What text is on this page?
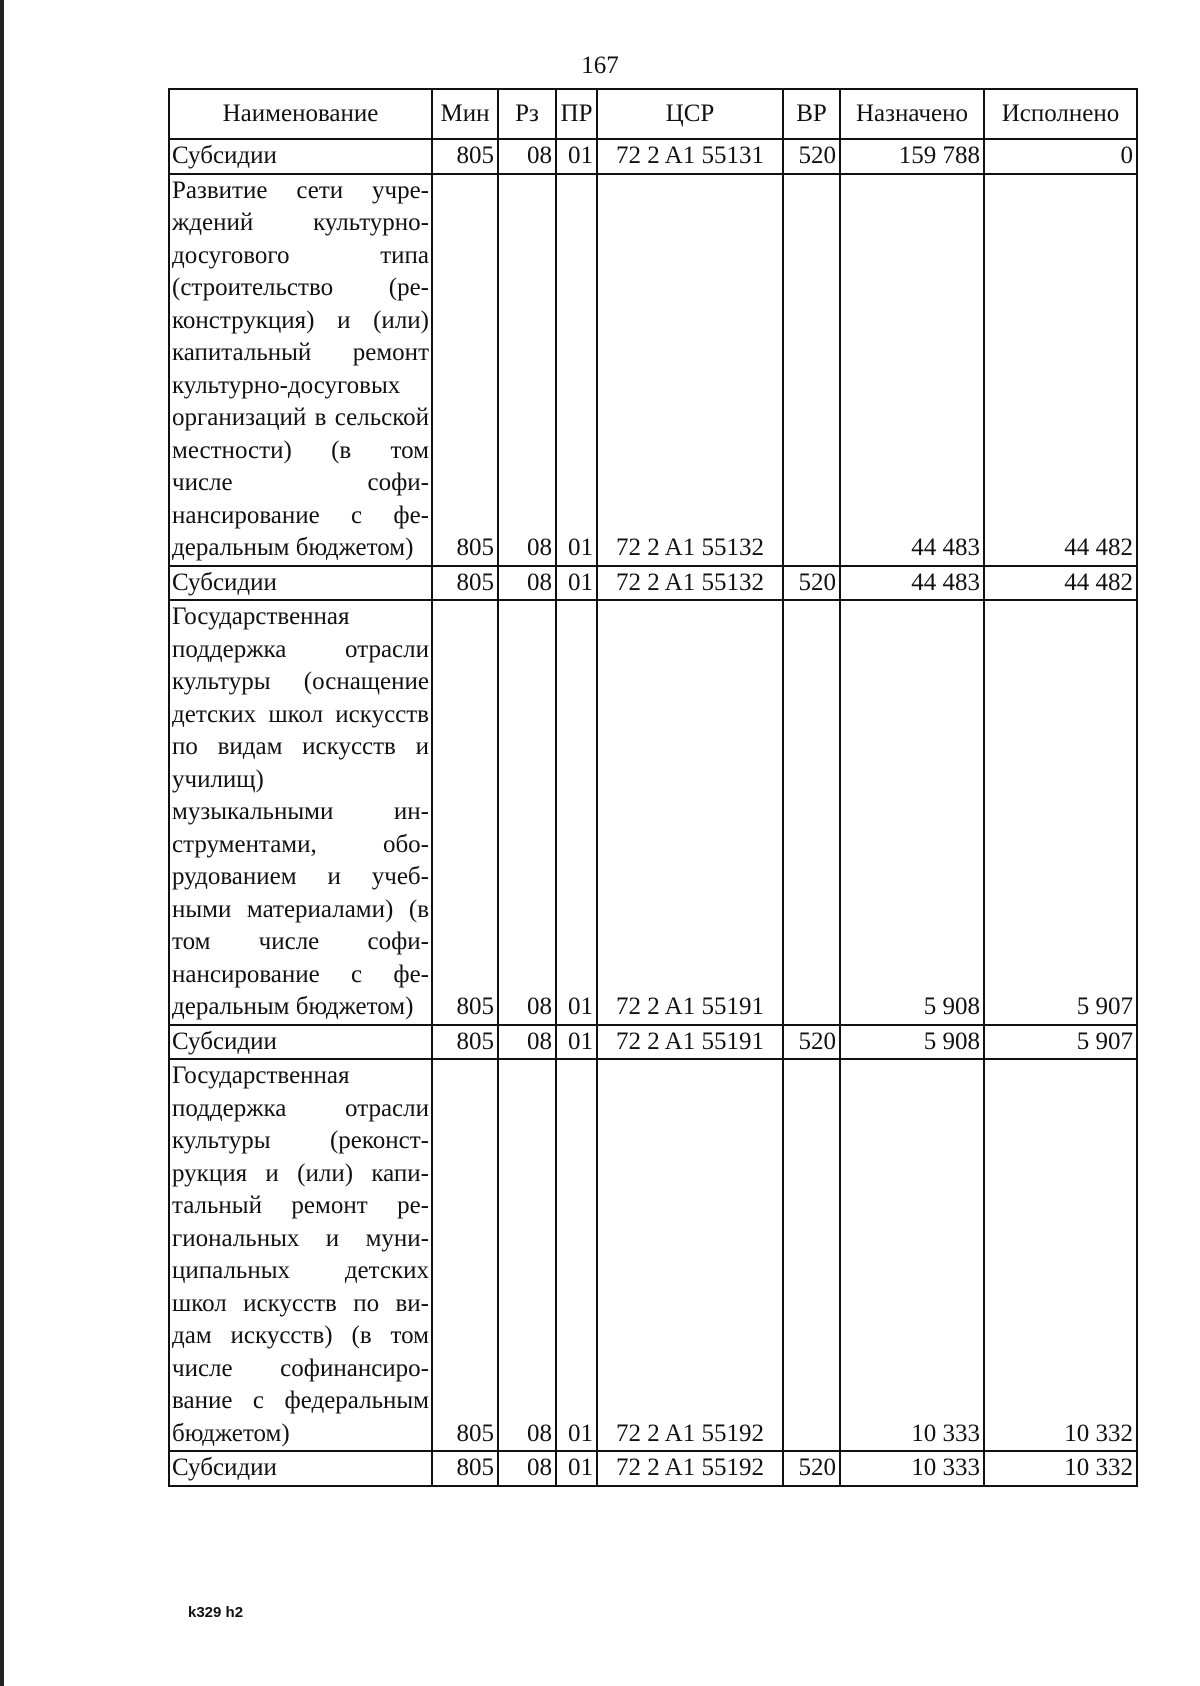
167
Наименование	Мин	Рз	ПР	ЦСР	ВР	Назначено	Исполнено
Субсидии	805	08	01	72 2 A1 55131	520	159 788	0
Развитие сети учреждений культурно-досугового типа (строительство (реконструкция) и (или) капитальный ремонт культурно-досуговых организаций в сельской местности) (в том числе софинансирование с федеральным бюджетом)	805	08	01	72 2 A1 55132		44 483	44 482
Субсидии	805	08	01	72 2 A1 55132	520	44 483	44 482
Государственная поддержка отрасли культуры (оснащение детских школ искусств по видам искусств и училищ) музыкальными инструментами, оборудованием и учебными материалами) (в том числе софинансирование с федеральным бюджетом)	805	08	01	72 2 A1 55191		5 908	5 907
Субсидии	805	08	01	72 2 A1 55191	520	5 908	5 907
Государственная поддержка отрасли культуры (реконструкция и (или) капитальный ремонт региональных и муниципальных детских школ искусств по видам искусств) (в том числе софинансирование с федеральным бюджетом)	805	08	01	72 2 A1 55192		10 333	10 332
Субсидии	805	08	01	72 2 A1 55192	520	10 333	10 332
k329 h2
